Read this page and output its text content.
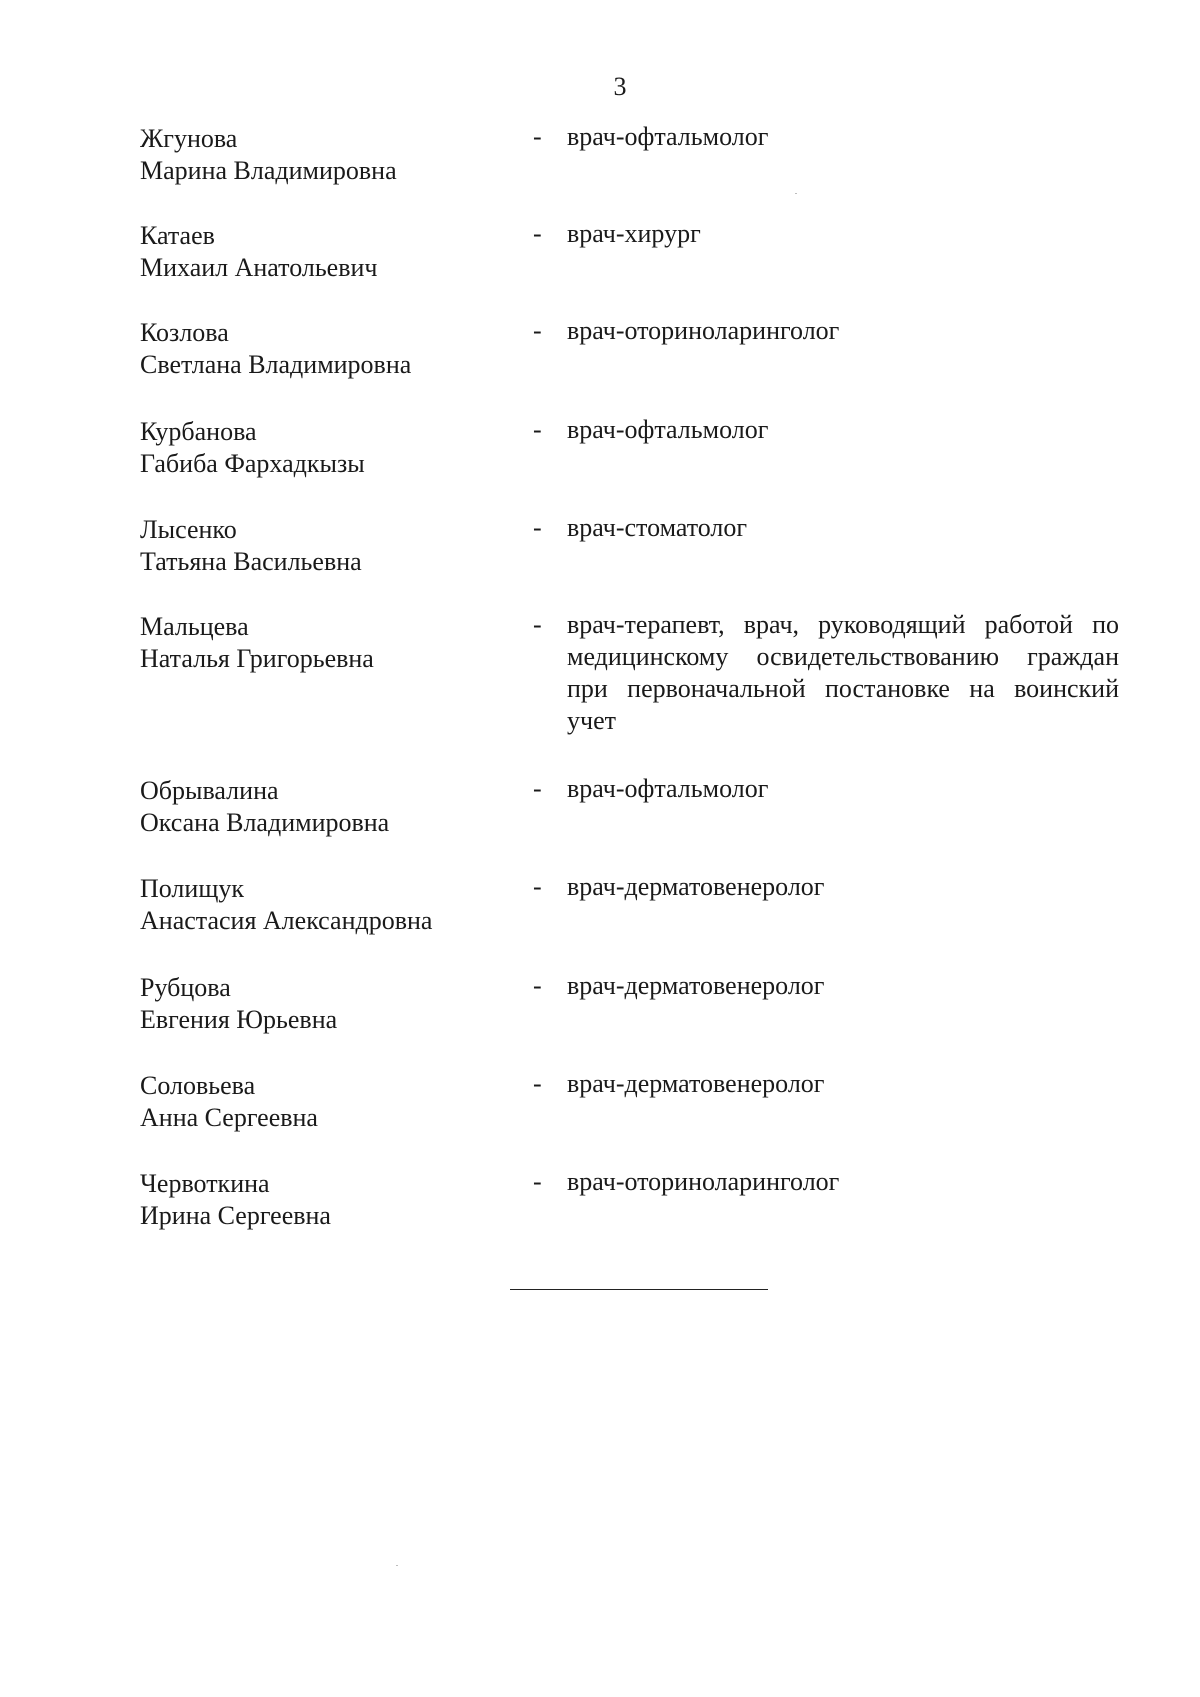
3
Жгунова
Марина Владимировна
- врач-офтальмолог
Катаев
Михаил Анатольевич
- врач-хирург
Козлова
Светлана Владимировна
- врач-оториноларинголог
Курбанова
Габиба Фархадкызы
- врач-офтальмолог
Лысенко
Татьяна Васильевна
- врач-стоматолог
Мальцева
Наталья Григорьевна
- врач-терапевт, врач, руководящий работой по медицинскому освидетельствованию граждан при первоначальной постановке на воинский учет
Обрывалина
Оксана Владимировна
- врач-офтальмолог
Полищук
Анастасия Александровна
- врач-дерматовенеролог
Рубцова
Евгения Юрьевна
- врач-дерматовенеролог
Соловьева
Анна Сергеевна
- врач-дерматовенеролог
Червоткина
Ирина Сергеевна
- врач-оториноларинголог
